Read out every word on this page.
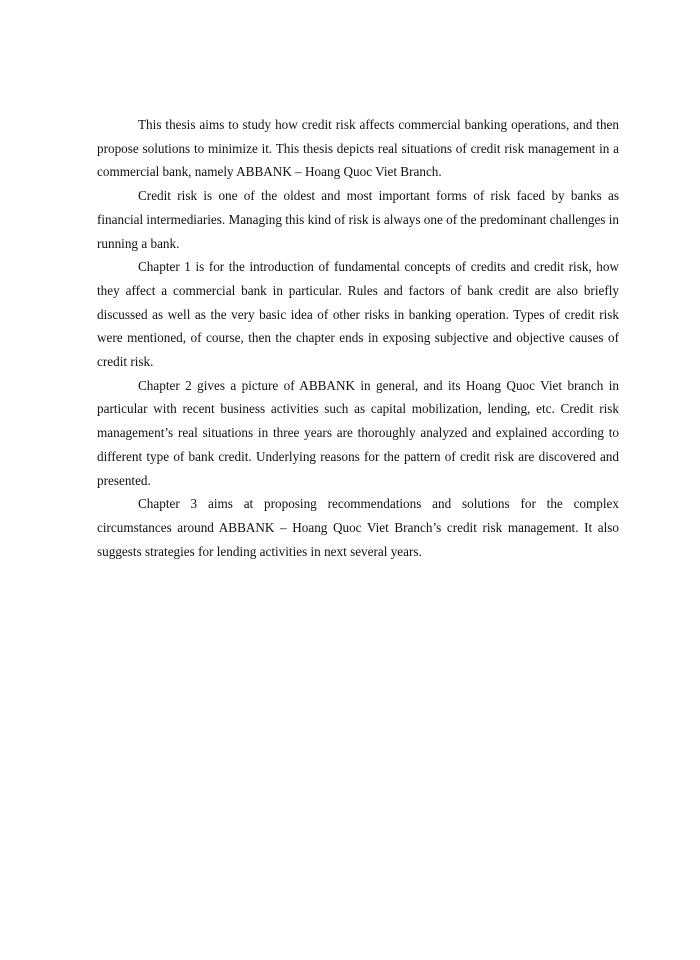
This thesis aims to study how credit risk affects commercial banking operations, and then propose solutions to minimize it. This thesis depicts real situations of credit risk management in a commercial bank, namely ABBANK – Hoang Quoc Viet Branch.

Credit risk is one of the oldest and most important forms of risk faced by banks as financial intermediaries. Managing this kind of risk is always one of the predominant challenges in running a bank.

Chapter 1 is for the introduction of fundamental concepts of credits and credit risk, how they affect a commercial bank in particular. Rules and factors of bank credit are also briefly discussed as well as the very basic idea of other risks in banking operation. Types of credit risk were mentioned, of course, then the chapter ends in exposing subjective and objective causes of credit risk.

Chapter 2 gives a picture of ABBANK in general, and its Hoang Quoc Viet branch in particular with recent business activities such as capital mobilization, lending, etc. Credit risk management’s real situations in three years are thoroughly analyzed and explained according to different type of bank credit. Underlying reasons for the pattern of credit risk are discovered and presented.

Chapter 3 aims at proposing recommendations and solutions for the complex circumstances around ABBANK – Hoang Quoc Viet Branch’s credit risk management. It also suggests strategies for lending activities in next several years.
